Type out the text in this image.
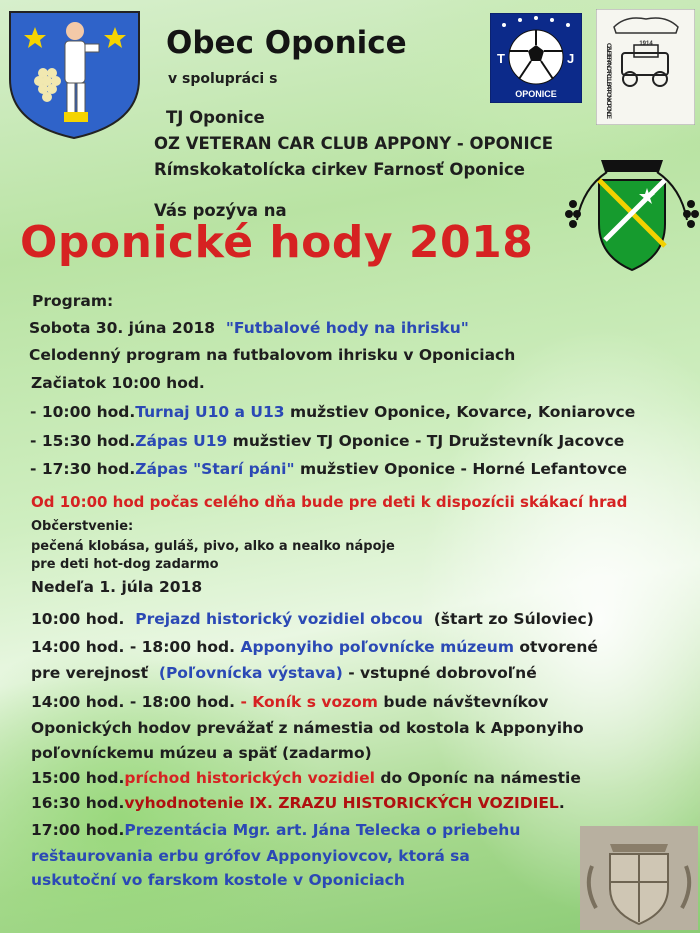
T	J
OPONICE
1914
OZ VETERAN CAR CLUB · APPONY · OPONICE
Obec Oponice
v spolupráci s
TJ Oponice
OZ VETERAN CAR CLUB APPONY - OPONICE
Rímskokatolícka cirkev Farnosť Oponice
Vás pozýva na
Oponické hody 2018
Program:
Sobota 30. júna 2018 "Futbalové hody na ihrisku"
Celodenný program na futbalovom ihrisku v Oponiciach
Začiatok 10:00 hod.
- 10:00 hod.Turnaj U10 a U13 mužstiev Oponice, Kovarce, Koniarovce
- 15:30 hod.Zápas U19 mužstiev TJ Oponice - TJ Družstevník Jacovce
- 17:30 hod.Zápas "Starí páni" mužstiev Oponice - Horné Lefantovce
Od 10:00 hod počas celého dňa bude pre deti k dispozícii skákací hrad
Občerstvenie:
pečená klobása, guláš, pivo, alko a nealko nápoje
pre deti hot-dog zadarmo
Nedeľa 1. júla 2018
10:00 hod. Prejazd historický vozidiel obcou (štart zo Súloviec)
14:00 hod. - 18:00 hod. Apponyiho poľovnícke múzeum otvorené
pre verejnosť (Poľovnícka výstava) - vstupné dobrovoľné
14:00 hod. - 18:00 hod. - Koník s vozom bude návštevníkov
Oponických hodov prevážať z námestia od kostola k Apponyiho
poľovníckemu múzeu a späť (zadarmo)
15:00 hod.príchod historických vozidiel do Oponíc na námestie
16:30 hod.vyhodnotenie IX. ZRAZU HISTORICKÝCH VOZIDIEL.
17:00 hod.Prezentácia Mgr. art. Jána Telecka o priebehu
reštaurovania erbu grófov Apponyiovcov, ktorá sa
uskutoční vo farskom kostole v Oponiciach
